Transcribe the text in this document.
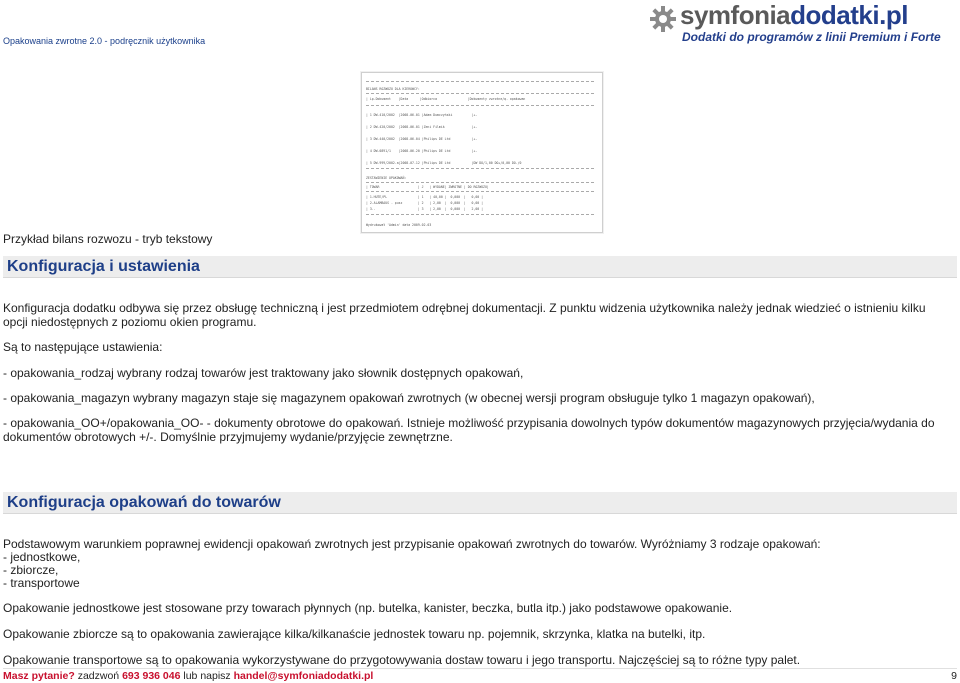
Opakowania zwrotne 2.0 - podręcznik użytkownika
symfoniadodatki.pl
Dodatki do programów z linii Premium i Forte
BILANS ROZWOZU DLA KIEROWCY:
| Lp.Dokument    |Data      |Odbiorca                |Dokumenty zwrotne/q. opakowan
| 1 DW-410/2002  |2008-06-01 |Adam Dumczyński          |+-
| 2 DW-420/2002  |2008-06-01 |Zeni Filmik              |+-
| 3 DW-440/2002  |2008-06-04 |Philips DE Ltd           |+-
| 4 DW-0891/1    |2008-06-20 |Philips DE Ltd           |+-
| 5 DW-999/2002-a|2008-07-12 |Philips DE Ltd           |DW DO/1,00 DO+/0,00 DO-/0
ZESTAWIENIE OPAKOWAŃ:
| TOWAR                    | J   | WYDANE| ZWROTNE | DO ROZWOZU|
| 1.HUTE/PL                | 1   | 40,00 |  0,000  |   0,00 |
| 2.ALAMBAUS - pusz        | 2   | 2,00  |  0,000  |   0,00 |
| 3.-                      | 3   | 2,00  |  0,000  |   2,00 |
Wydrukował 'Admin' data 2009-02-03
Przykład bilans rozwozu - tryb tekstowy
Konfiguracja i ustawienia
Konfiguracja dodatku odbywa się przez obsługę techniczną i jest przedmiotem odrębnej dokumentacji. Z punktu widzenia użytkownika należy jednak wiedzieć o istnieniu kilku opcji niedostępnych z poziomu okien programu.
Są to następujące ustawienia:
- opakowania_rodzaj wybrany rodzaj towarów jest traktowany jako słownik dostępnych opakowań,
- opakowania_magazyn wybrany magazyn staje się magazynem opakowań zwrotnych (w obecnej wersji program obsługuje tylko 1 magazyn opakowań),
- opakowania_OO+/opakowania_OO- - dokumenty obrotowe do opakowań. Istnieje możliwość przypisania dowolnych typów dokumentów magazynowych przyjęcia/wydania do dokumentów obrotowych +/-. Domyślnie przyjmujemy wydanie/przyjęcie zewnętrzne.
Konfiguracja opakowań do towarów
Podstawowym warunkiem poprawnej ewidencji opakowań zwrotnych jest przypisanie opakowań zwrotnych do towarów. Wyróżniamy 3 rodzaje opakowań:
- jednostkowe,
- zbiorcze,
- transportowe
Opakowanie jednostkowe jest stosowane przy towarach płynnych (np. butelka, kanister, beczka, butla itp.) jako podstawowe opakowanie.
Opakowanie zbiorcze są to opakowania zawierające kilka/kilkanaście jednostek towaru np. pojemnik, skrzynka, klatka na butelki, itp.
Opakowanie transportowe są to opakowania wykorzystywane do przygotowywania dostaw towaru i jego transportu. Najczęściej są to różne typy palet.
Masz pytanie? zadzwoń 693 936 046 lub napisz handel@symfoniadodatki.pl	9
